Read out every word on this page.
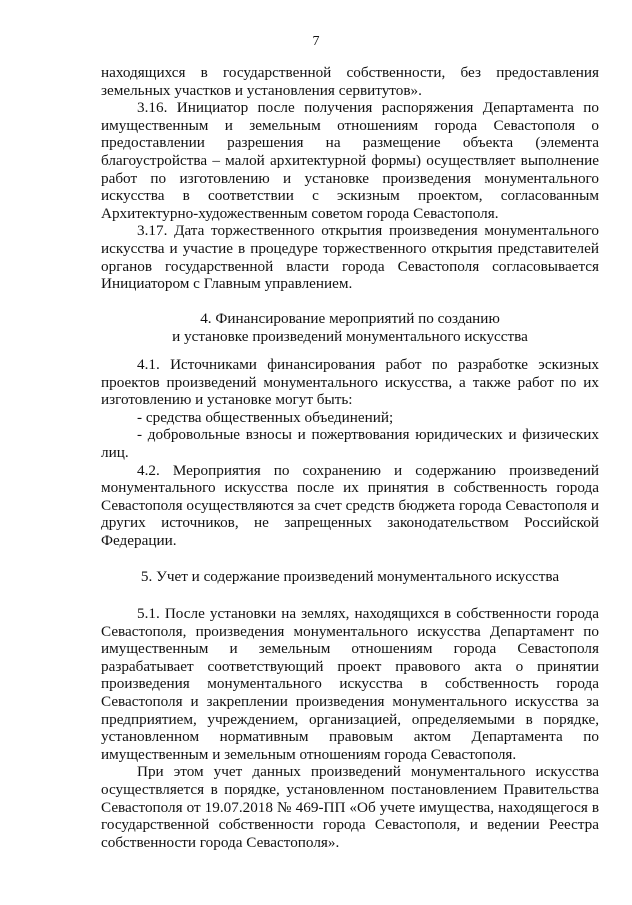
7

находящихся в государственной собственности, без предоставления земельных участков и установления сервитутов».

3.16. Инициатор после получения распоряжения Департамента по имущественным и земельным отношениям города Севастополя о предоставлении разрешения на размещение объекта (элемента благоустройства – малой архитектурной формы) осуществляет выполнение работ по изготовлению и установке произведения монументального искусства в соответствии с эскизным проектом, согласованным Архитектурно-художественным советом города Севастополя.

3.17. Дата торжественного открытия произведения монументального искусства и участие в процедуре торжественного открытия представителей органов государственной власти города Севастополя согласовывается Инициатором с Главным управлением.

4. Финансирование мероприятий по созданию

и установке произведений монументального искусства

4.1. Источниками финансирования работ по разработке эскизных проектов произведений монументального искусства, а также работ по их изготовлению и установке могут быть:

- средства общественных объединений;

- добровольные взносы и пожертвования юридических и физических лиц.

4.2. Мероприятия по сохранению и содержанию произведений монументального искусства после их принятия в собственность города Севастополя осуществляются за счет средств бюджета города Севастополя и других источников, не запрещенных законодательством Российской Федерации.

5. Учет и содержание произведений монументального искусства

5.1. После установки на землях, находящихся в собственности города Севастополя, произведения монументального искусства Департамент по имущественным и земельным отношениям города Севастополя разрабатывает соответствующий проект правового акта о принятии произведения монументального искусства в собственность города Севастополя и закреплении произведения монументального искусства за предприятием, учреждением, организацией, определяемыми в порядке, установленном нормативным правовым актом Департамента по имущественным и земельным отношениям города Севастополя.

При этом учет данных произведений монументального искусства осуществляется в порядке, установленном постановлением Правительства Севастополя от 19.07.2018 № 469-ПП «Об учете имущества, находящегося в государственной собственности города Севастополя, и ведении Реестра собственности города Севастополя».
